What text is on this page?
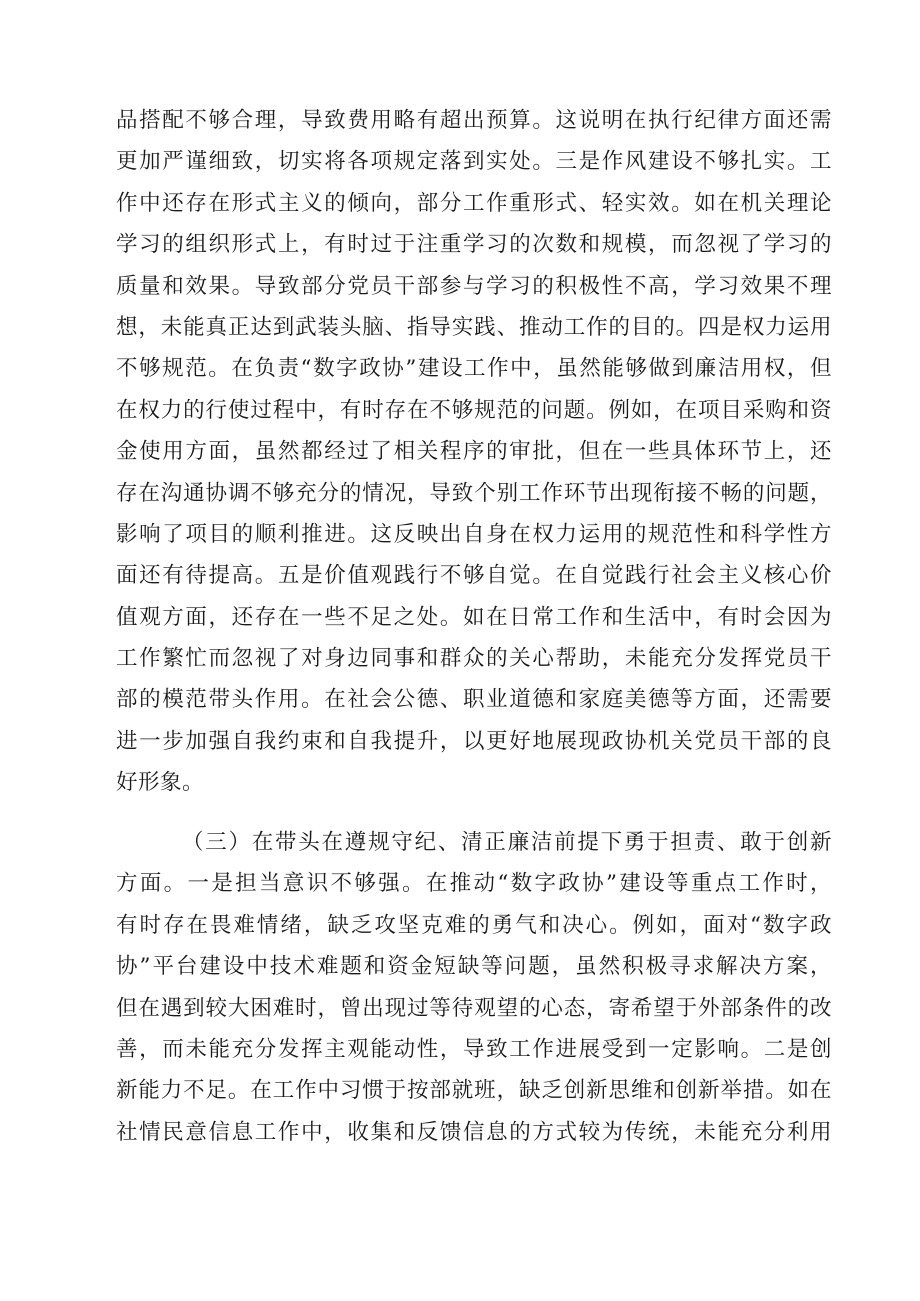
品搭配不够合理，导致费用略有超出预算。这说明在执行纪律方面还需
更加严谨细致，切实将各项规定落到实处。三是作风建设不够扎实。工
作中还存在形式主义的倾向，部分工作重形式、轻实效。如在机关理论
学习的组织形式上，有时过于注重学习的次数和规模，而忽视了学习的
质量和效果。导致部分党员干部参与学习的积极性不高，学习效果不理
想，未能真正达到武装头脑、指导实践、推动工作的目的。四是权力运用
不够规范。在负责“数字政协”建设工作中，虽然能够做到廉洁用权，但
在权力的行使过程中，有时存在不够规范的问题。例如，在项目采购和资
金使用方面，虽然都经过了相关程序的审批，但在一些具体环节上，还
存在沟通协调不够充分的情况，导致个别工作环节出现衔接不畅的问题，
影响了项目的顺利推进。这反映出自身在权力运用的规范性和科学性方
面还有待提高。五是价值观践行不够自觉。在自觉践行社会主义核心价
值观方面，还存在一些不足之处。如在日常工作和生活中，有时会因为
工作繁忙而忽视了对身边同事和群众的关心帮助，未能充分发挥党员干
部的模范带头作用。在社会公德、职业道德和家庭美德等方面，还需要
进一步加强自我约束和自我提升，以更好地展现政协机关党员干部的良
好形象。
（三）在带头在遵规守纪、清正廉洁前提下勇于担责、敢于创新
方面。一是担当意识不够强。在推动“数字政协”建设等重点工作时，
有时存在畏难情绪，缺乏攻坚克难的勇气和决心。例如，面对“数字政
协”平台建设中技术难题和资金短缺等问题，虽然积极寻求解决方案，
但在遇到较大困难时，曾出现过等待观望的心态，寄希望于外部条件的改
善，而未能充分发挥主观能动性，导致工作进展受到一定影响。二是创
新能力不足。在工作中习惯于按部就班，缺乏创新思维和创新举措。如在
社情民意信息工作中，收集和反馈信息的方式较为传统，未能充分利用
